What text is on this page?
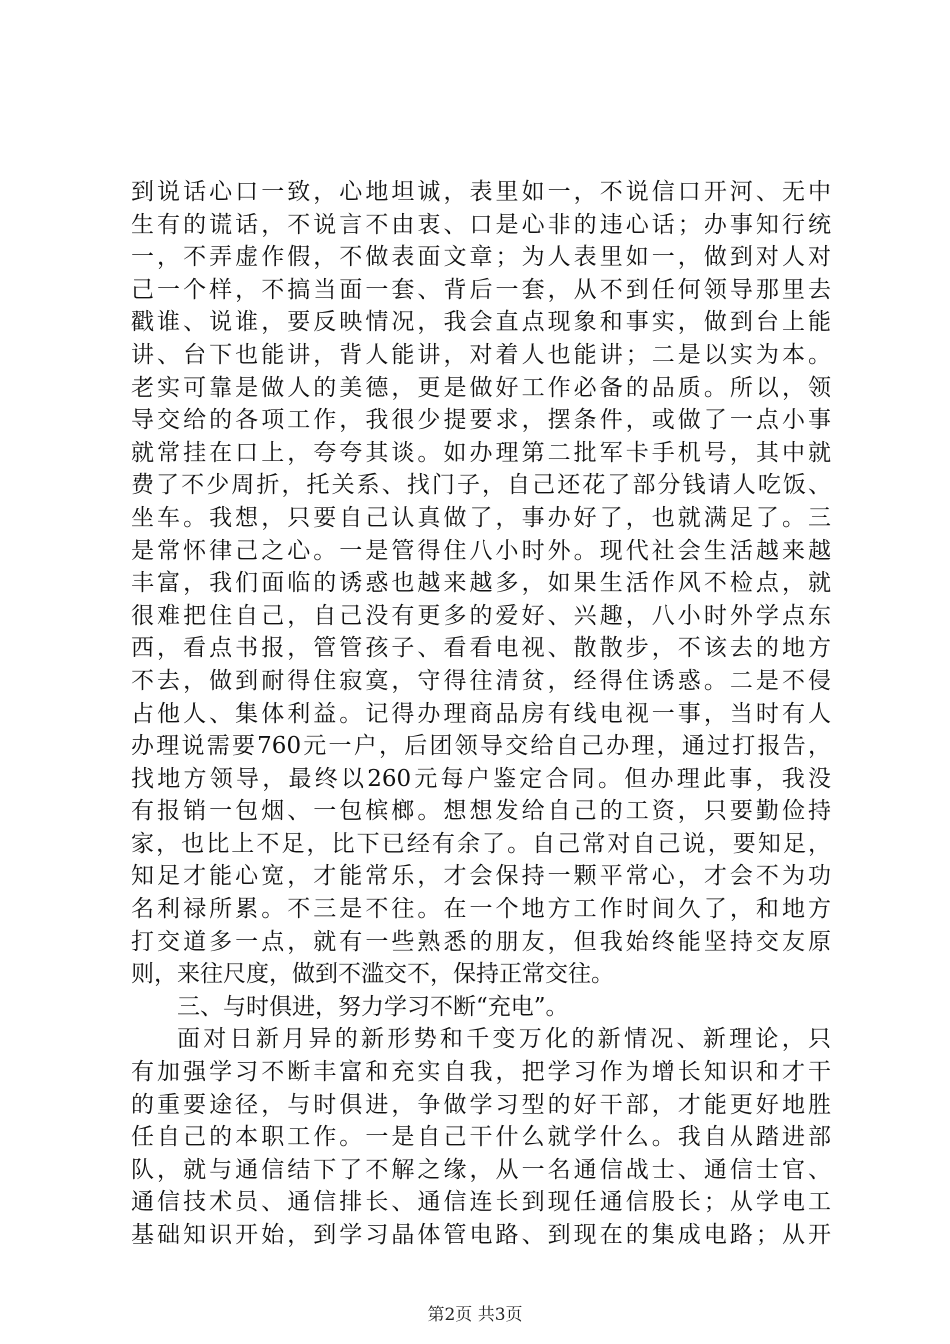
到说话心口一致，心地坦诚，表里如一，不说信口开河、无中
生有的谎话，不说言不由衷、口是心非的违心话；办事知行统
一，不弄虚作假，不做表面文章；为人表里如一，做到对人对
己一个样，不搞当面一套、背后一套，从不到任何领导那里去
戳谁、说谁，要反映情况，我会直点现象和事实，做到台上能
讲、台下也能讲，背人能讲，对着人也能讲；二是以实为本。
老实可靠是做人的美德，更是做好工作必备的品质。所以，领
导交给的各项工作，我很少提要求，摆条件，或做了一点小事
就常挂在口上，夸夸其谈。如办理第二批军卡手机号，其中就
费了不少周折，托关系、找门子，自己还花了部分钱请人吃饭、
坐车。我想，只要自己认真做了，事办好了，也就满足了。三
是常怀律己之心。一是管得住八小时外。现代社会生活越来越
丰富，我们面临的诱惑也越来越多，如果生活作风不检点，就
很难把住自己，自己没有更多的爱好、兴趣，八小时外学点东
西，看点书报，管管孩子、看看电视、散散步，不该去的地方
不去，做到耐得住寂寞，守得往清贫，经得住诱惑。二是不侵
占他人、集体利益。记得办理商品房有线电视一事，当时有人
办理说需要760元一户，后团领导交给自己办理，通过打报告，
找地方领导，最终以260元每户鉴定合同。但办理此事，我没
有报销一包烟、一包槟榔。想想发给自己的工资，只要勤俭持
家，也比上不足，比下已经有余了。自己常对自己说，要知足，
知足才能心宽，才能常乐，才会保持一颗平常心，才会不为功
名利禄所累。不三是不往。在一个地方工作时间久了，和地方
打交道多一点，就有一些熟悉的朋友，但我始终能坚持交友原
则，来往尺度，做到不滥交不，保持正常交往。
三、与时俱进，努力学习不断“充电”。
面对日新月异的新形势和千变万化的新情况、新理论，只
有加强学习不断丰富和充实自我，把学习作为增长知识和才干
的重要途径，与时俱进，争做学习型的好干部，才能更好地胜
任自己的本职工作。一是自己干什么就学什么。我自从踏进部
队，就与通信结下了不解之缘，从一名通信战士、通信士官、
通信技术员、通信排长、通信连长到现任通信股长；从学电工
基础知识开始，到学习晶体管电路、到现在的集成电路；从开
第2页 共3页
